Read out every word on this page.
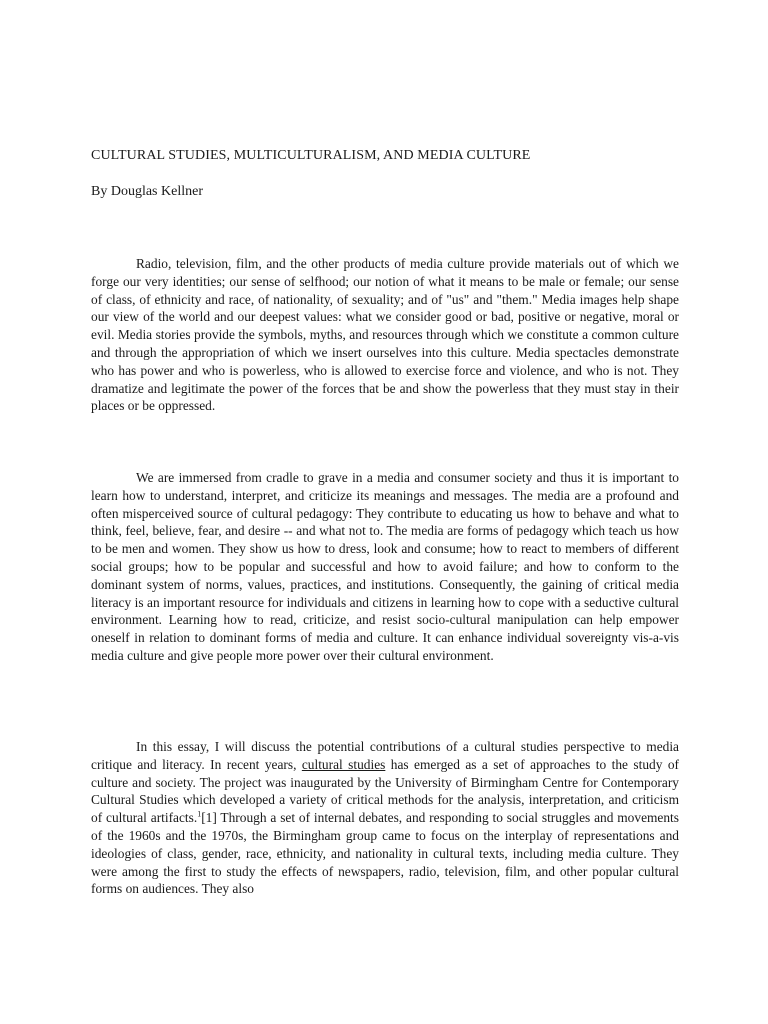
CULTURAL STUDIES, MULTICULTURALISM, AND MEDIA CULTURE
By Douglas Kellner

Radio, television, film, and the other products of media culture provide materials out of which we forge our very identities; our sense of selfhood; our notion of what it means to be male or female; our sense of class, of ethnicity and race, of nationality, of sexuality; and of "us" and "them." Media images help shape our view of the world and our deepest values: what we consider good or bad, positive or negative, moral or evil. Media stories provide the symbols, myths, and resources through which we constitute a common culture and through the appropriation of which we insert ourselves into this culture. Media spectacles demonstrate who has power and who is powerless, who is allowed to exercise force and violence, and who is not. They dramatize and legitimate the power of the forces that be and show the powerless that they must stay in their places or be oppressed.

We are immersed from cradle to grave in a media and consumer society and thus it is important to learn how to understand, interpret, and criticize its meanings and messages. The media are a profound and often misperceived source of cultural pedagogy: They contribute to educating us how to behave and what to think, feel, believe, fear, and desire -- and what not to. The media are forms of pedagogy which teach us how to be men and women. They show us how to dress, look and consume; how to react to members of different social groups; how to be popular and successful and how to avoid failure; and how to conform to the dominant system of norms, values, practices, and institutions. Consequently, the gaining of critical media literacy is an important resource for individuals and citizens in learning how to cope with a seductive cultural environment. Learning how to read, criticize, and resist socio-cultural manipulation can help empower oneself in relation to dominant forms of media and culture. It can enhance individual sovereignty vis-a-vis media culture and give people more power over their cultural environment.

In this essay, I will discuss the potential contributions of a cultural studies perspective to media critique and literacy. In recent years, cultural studies has emerged as a set of approaches to the study of culture and society. The project was inaugurated by the University of Birmingham Centre for Contemporary Cultural Studies which developed a variety of critical methods for the analysis, interpretation, and criticism of cultural artifacts.$^1$[1] Through a set of internal debates, and responding to social struggles and movements of the 1960s and the 1970s, the Birmingham group came to focus on the interplay of representations and ideologies of class, gender, race, ethnicity, and nationality in cultural texts, including media culture. They were among the first to study the effects of newspapers, radio, television, film, and other popular cultural forms on audiences. They also
